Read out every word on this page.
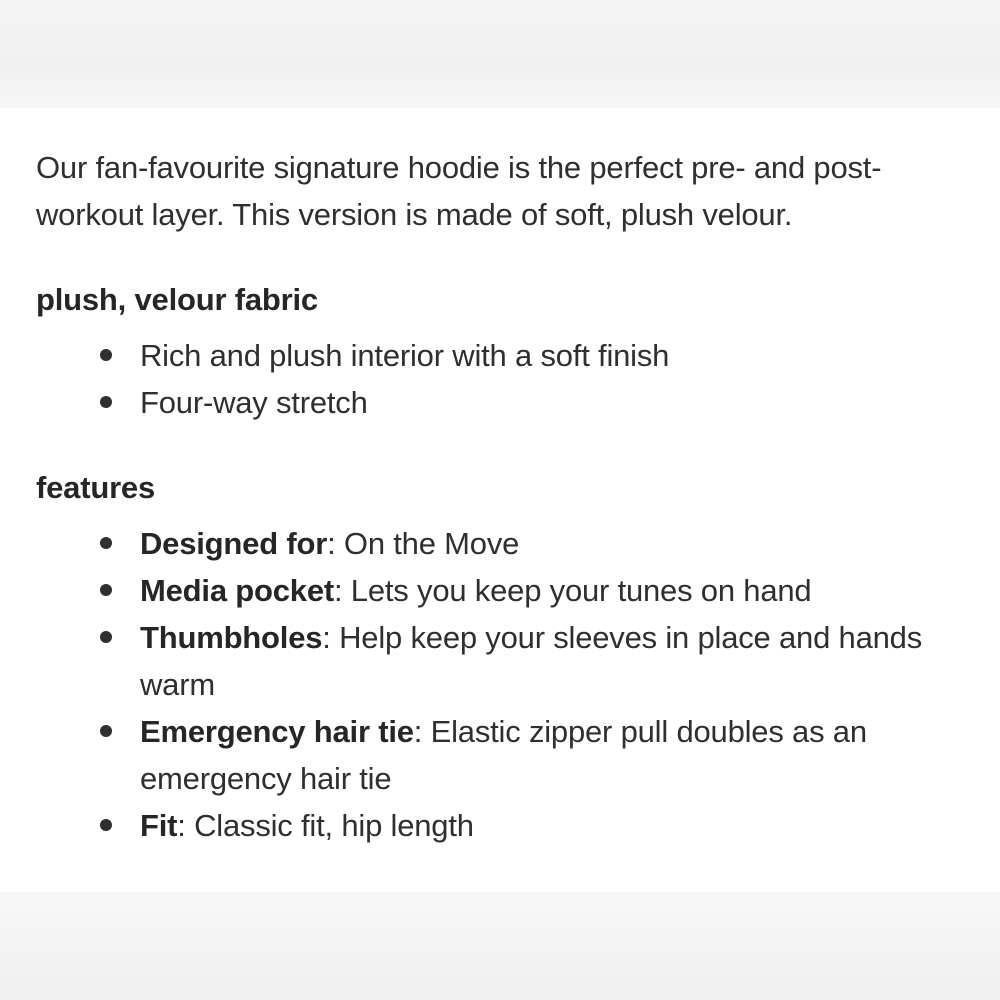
Our fan-favourite signature hoodie is the perfect pre- and post-workout layer. This version is made of soft, plush velour.

plush, velour fabric
Rich and plush interior with a soft finish
Four-way stretch
features
Designed for: On the Move
Media pocket: Lets you keep your tunes on hand
Thumbholes: Help keep your sleeves in place and hands warm
Emergency hair tie: Elastic zipper pull doubles as an emergency hair tie
Fit: Classic fit, hip length
